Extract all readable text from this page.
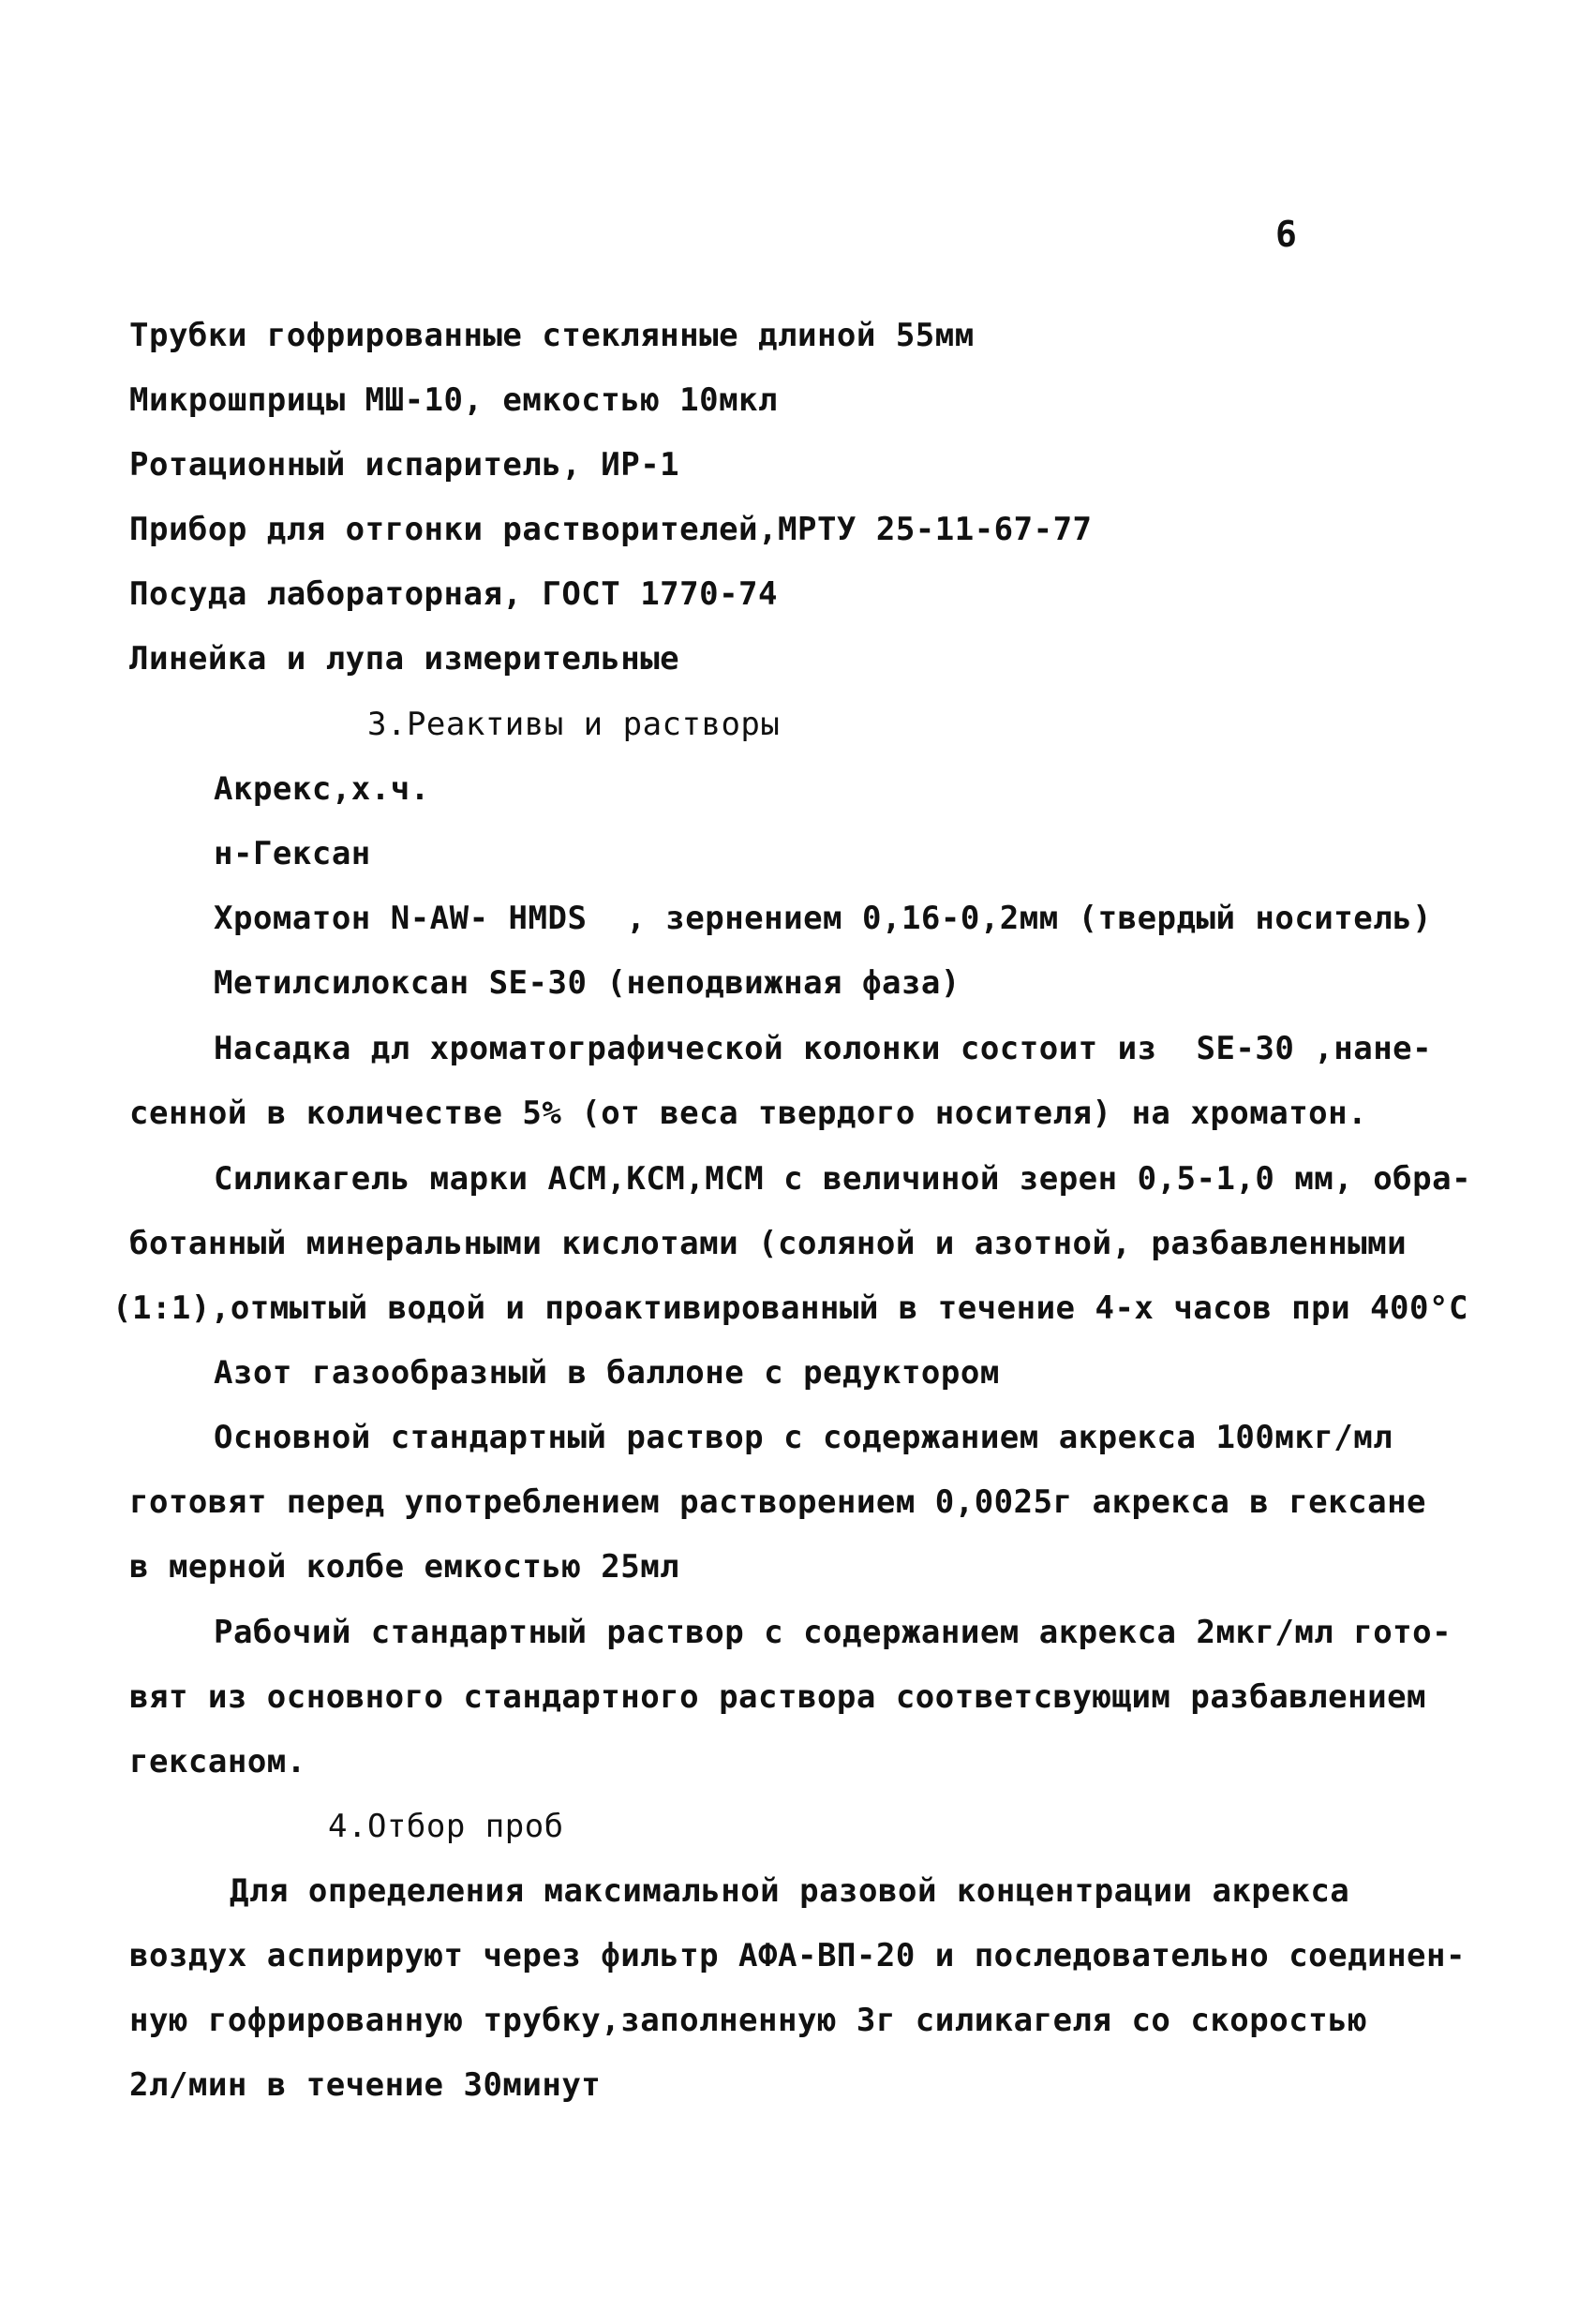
6
Трубки гофрированные стеклянные длиной 55мм
Микрошприцы МШ-10, емкостью 10мкл
Ротационный испаритель, ИР-1
Прибор для отгонки растворителей,МРТУ 25-11-67-77
Посуда лабораторная, ГОСТ 1770-74
Линейка и лупа измерительные
3.Реактивы и растворы
Акрекс,х.ч.
н-Гексан
Хроматон N-AW- HMDS  , зернением 0,16-0,2мм (твердый носитель)
Метилсилоксан SE-30 (неподвижная фаза)
Насадка дл хроматографической колонки состоит из  SE-30 ,нане-
сенной в количестве 5% (от веса твердого носителя) на хроматон.
Силикагель марки АСМ,КСМ,МСМ с величиной зерен 0,5-1,0 мм, обра-
ботанный минеральными кислотами (соляной и азотной, разбавленными
(1:1),отмытый водой и проактивированный в течение 4-х часов при 400°С
Азот газообразный в баллоне с редуктором
Основной стандартный раствор с содержанием акрекса 100мкг/мл
готовят перед употреблением растворением 0,0025г акрекса в гексане
в мерной колбе емкостью 25мл
Рабочий стандартный раствор с содержанием акрекса 2мкг/мл гото-
вят из основного стандартного раствора соответсвующим разбавлением
гексаном.
4.Отбор проб
Для определения максимальной разовой концентрации акрекса
воздух аспирируют через фильтр АФА-ВП-20 и последовательно соединен-
ную гофрированную трубку,заполненную 3г силикагеля со скоростью
2л/мин в течение 30минут
